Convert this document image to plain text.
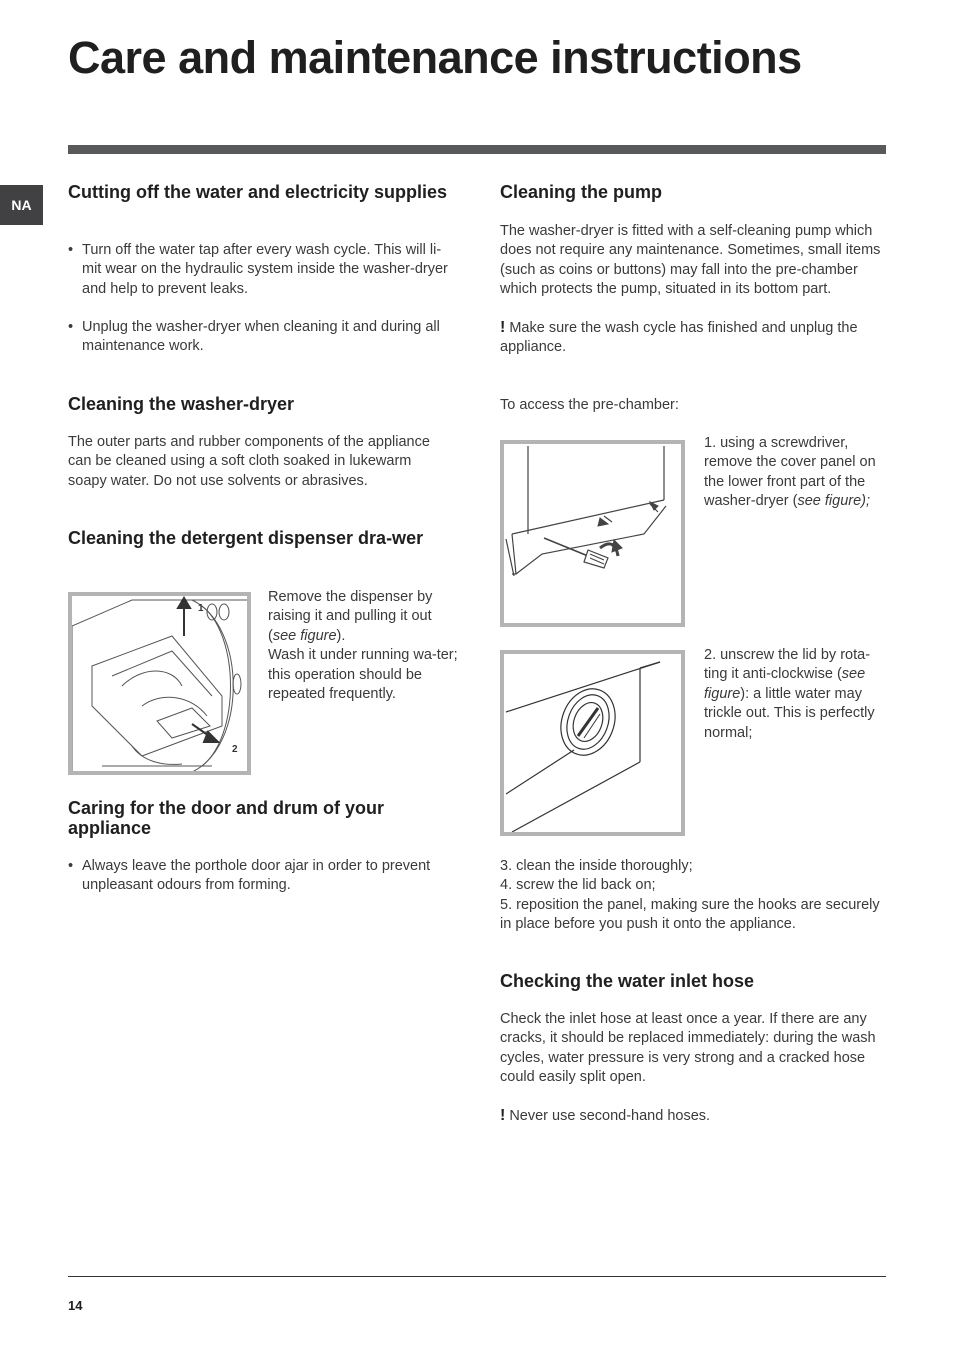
Care and maintenance instructions
NA
Cutting off the water and electricity supplies
• Turn off the water tap after every wash cycle. This will li-mit wear on the hydraulic system inside the washer-dryer and help to prevent leaks.
• Unplug the washer-dryer when cleaning it and during all maintenance work.
Cleaning the washer-dryer

The outer parts and rubber components of the appliance can be cleaned using a soft cloth soaked in lukewarm soapy water. Do not use solvents or abrasives.

Cleaning the detergent dispenser dra-wer
1
2

Remove the dispenser by raising it and pulling it out (see figure).
Wash it under running wa-ter; this operation should be repeated frequently.

Caring for the door and drum of your appliance
• Always leave the porthole door ajar in order to prevent unpleasant odours from forming.
Cleaning the pump

The washer-dryer is fitted with a self-cleaning pump which does not require any maintenance. Sometimes, small items (such as coins or buttons) may fall into the pre-chamber which protects the pump, situated in its bottom part.

! Make sure the wash cycle has finished and unplug the appliance.

To access the pre-chamber:

1. using a screwdriver, remove the cover panel on the lower front part of the washer-dryer (see figure);

2. unscrew the lid by rota-ting it anti-clockwise (see figure): a little water may trickle out. This is perfectly normal;

3. clean the inside thoroughly;

4. screw the lid back on;

5. reposition the panel, making sure the hooks are securely in place before you push it onto the appliance.

Checking the water inlet hose

Check the inlet hose at least once a year. If there are any cracks, it should be replaced immediately: during the wash cycles, water pressure is very strong and a cracked hose could easily split open.

! Never use second-hand hoses.

14
